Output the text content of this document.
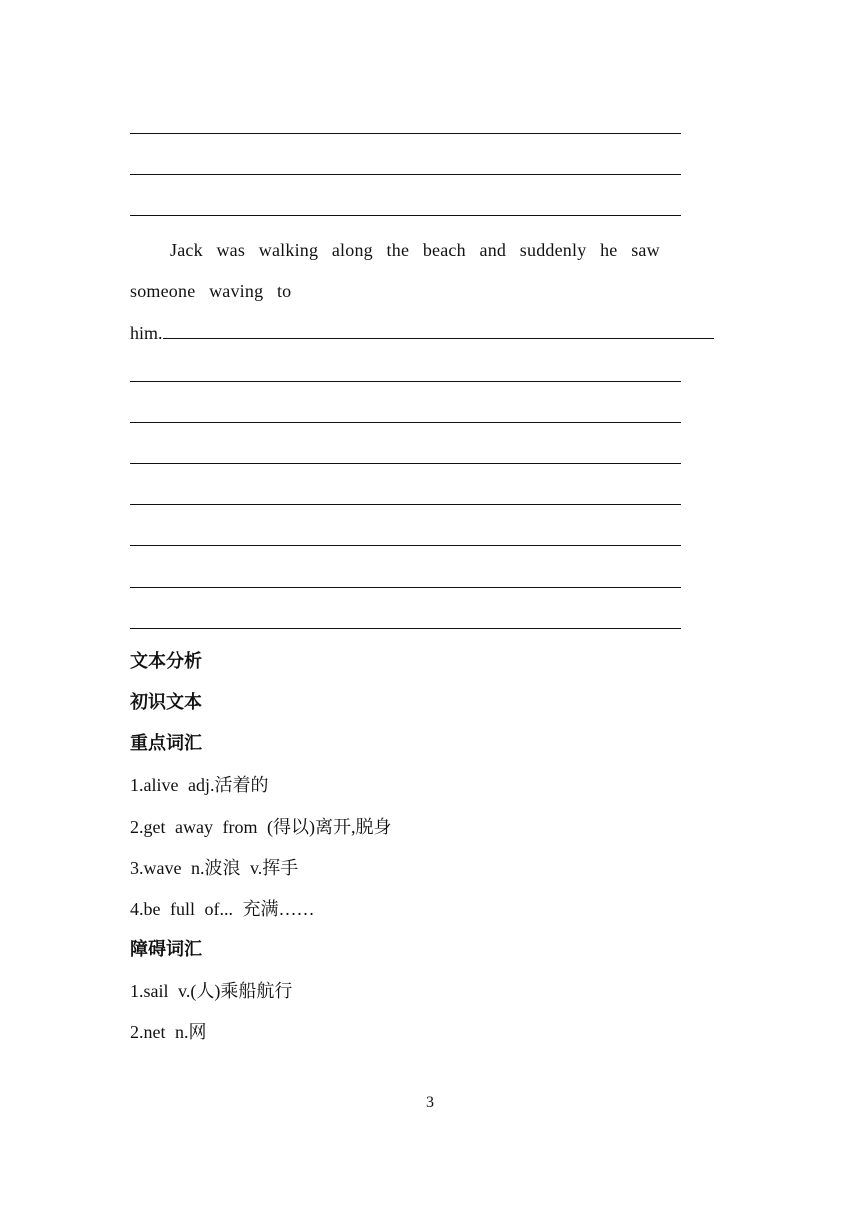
Jack was walking along the beach and suddenly he saw
someone waving to
him.
文本分析
初识文本
重点词汇
1.alive adj.活着的
2.get away from (得以)离开,脱身
3.wave n.波浪 v.挥手
4.be full of... 充满……
障碍词汇
1.sail v.(人)乘船航行
2.net n.网
3
